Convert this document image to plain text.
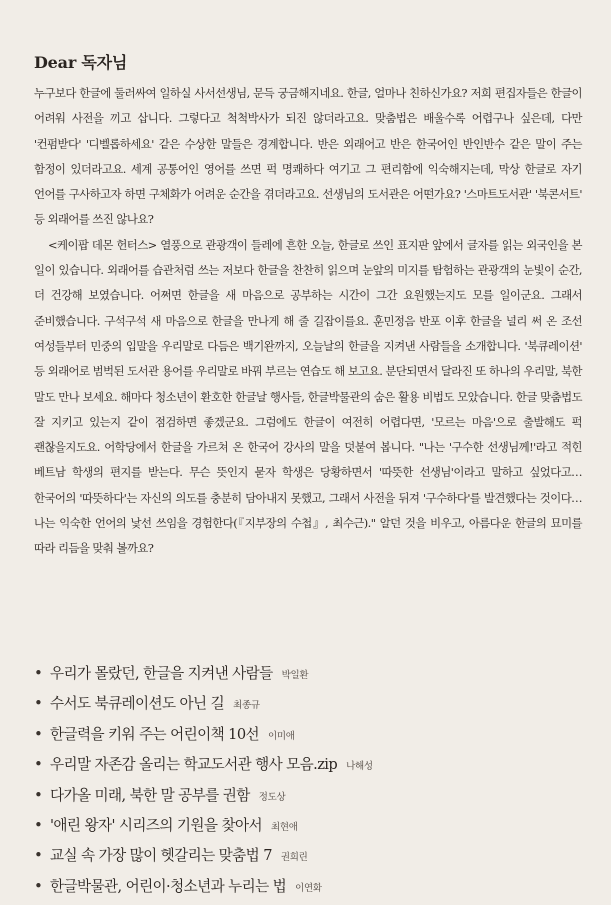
Dear 독자님

누구보다 한글에 둘러싸여 일하실 사서선생님, 문득 궁금해지네요. 한글, 얼마나 친하신가요? 저희 편집자들은 한글이 어려워 사전을 끼고 삽니다. 그렇다고 척척박사가 되진 않더라고요. 맞춤법은 배울수록 어렵구나 싶은데, 다만 '컨펌받다' '디벨롭하세요' 같은 수상한 말들은 경계합니다. 반은 외래어고 반은 한국어인 반인반수 같은 말이 주는 함정이 있더라고요. 세계 공통어인 영어를 쓰면 퍽 명쾌하다 여기고 그 편리함에 익숙해지는데, 막상 한글로 자기 언어를 구사하고자 하면 구체화가 어려운 순간을 겪더라고요. 선생님의 도서관은 어떤가요? '스마트도서관' '북콘서트' 등 외래어를 쓰진 않나요?

<케이팝 데몬 헌터스> 열풍으로 관광객이 들레에 흔한 오늘, 한글로 쓰인 표지판 앞에서 글자를 읽는 외국인을 본 일이 있습니다. 외래어를 습관처럼 쓰는 저보다 한글을 찬찬히 읽으며 눈앞의 미지를 탐험하는 관광객의 눈빛이 순간, 더 건강해 보였습니다. 어쩌면 한글을 새 마음으로 공부하는 시간이 그간 요원했는지도 모를 일이군요. 그래서 준비했습니다. 구석구석 새 마음으로 한글을 만나게 해 줄 길잡이를요. 훈민정음 반포 이후 한글을 널리 써 온 조선 여성들부터 민중의 입말을 우리말로 다듬은 백기완까지, 오늘날의 한글을 지켜낸 사람들을 소개합니다. '북큐레이션' 등 외래어로 범벅된 도서관 용어를 우리말로 바꿔 부르는 연습도 해 보고요. 분단되면서 달라진 또 하나의 우리말, 북한 말도 만나 보세요. 해마다 청소년이 환호한 한글날 행사들, 한글박물관의 숨은 활용 비법도 모았습니다. 한글 맞춤법도 잘 지키고 있는지 같이 점검하면 좋겠군요. 그럼에도 한글이 여전히 어렵다면, '모르는 마음'으로 출발해도 퍽 괜찮을지도요. 어학당에서 한글을 가르쳐 온 한국어 강사의 말을 덧붙여 봅니다. "나는 '구수한 선생님께!'라고 적힌 베트남 학생의 편지를 받는다. 무슨 뜻인지 묻자 학생은 당황하면서 '따뜻한 선생님'이라고 말하고 싶었다고… 한국어의 '따뜻하다'는 자신의 의도를 충분히 담아내지 못했고, 그래서 사전을 뒤져 '구수하다'를 발견했다는 것이다… 나는 익숙한 언어의 낯선 쓰임을 경험한다(『지부장의 수첩』, 최수근)." 알던 것을 비우고, 아름다운 한글의 묘미를 따라 리듬을 맞춰 볼까요?

• 우리가 몰랐던, 한글을 지켜낸 사람들 박일환
• 수서도 북큐레이션도 아닌 길 최종규
• 한글력을 키워 주는 어린이책 10선 이미애
• 우리말 자존감 올리는 학교도서관 행사 모음.zip 나해성
• 다가올 미래, 북한 말 공부를 권함 정도상
• '애린 왕자' 시리즈의 기원을 찾아서 최현애
• 교실 속 가장 많이 헷갈리는 맞춤법 7 권희린
• 한글박물관, 어린이·청소년과 누리는 법 이연화
